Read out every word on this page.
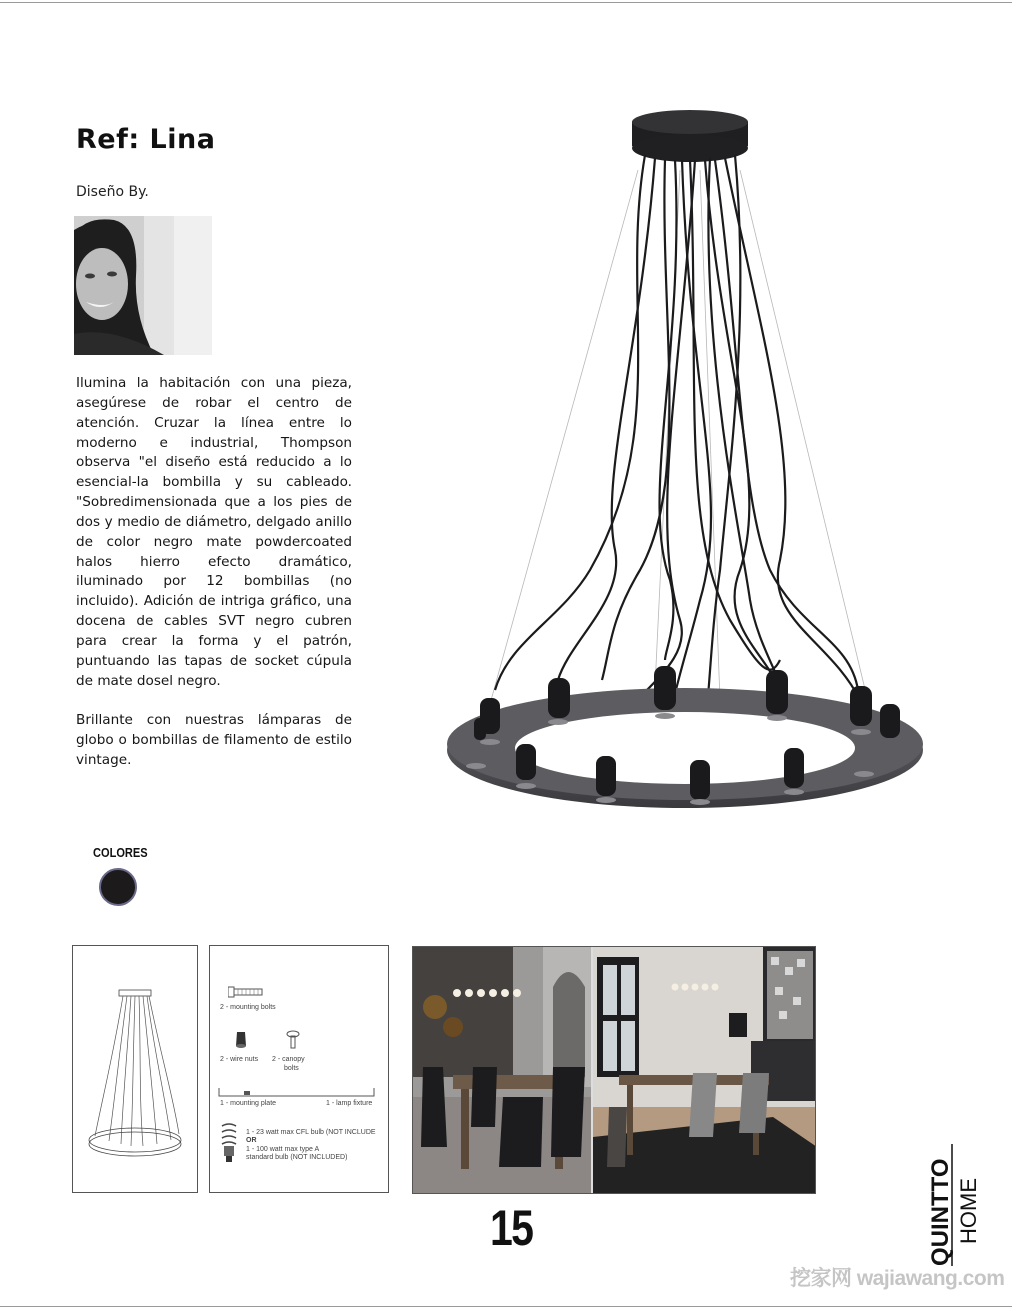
Ref: Lina
Diseño By.

Ilumina la habitación con una pieza, asegúrese de robar el centro de atención. Cruzar la línea entre lo moderno e industrial, Thompson observa "el diseño está reducido a lo esencial-la bombilla y su cableado. "Sobredimensionada que a los pies de dos y medio de diámetro, delgado anillo de color negro mate powdercoated halos hierro efecto dramático, iluminado por 12 bombillas (no incluido). Adición de intriga gráfico, una docena de cables SVT negro cubren para crear la forma y el patrón, puntuando las tapas de socket cúpula de mate dosel negro.

Brillante con nuestras lámparas de globo o bombillas de filamento de estilo vintage.

COLORES
2 - mounting bolts
2 - wire nuts 2 - canopy
bolts
1 - mounting plate	1 - lamp fixture
1 - 23 watt max CFL bulb (NOT INCLUDE
OR
1 - 100 watt max type A
standard bulb (NOT INCLUDED)
15	QUINTTO HOME
挖家网 wajiawang.com
